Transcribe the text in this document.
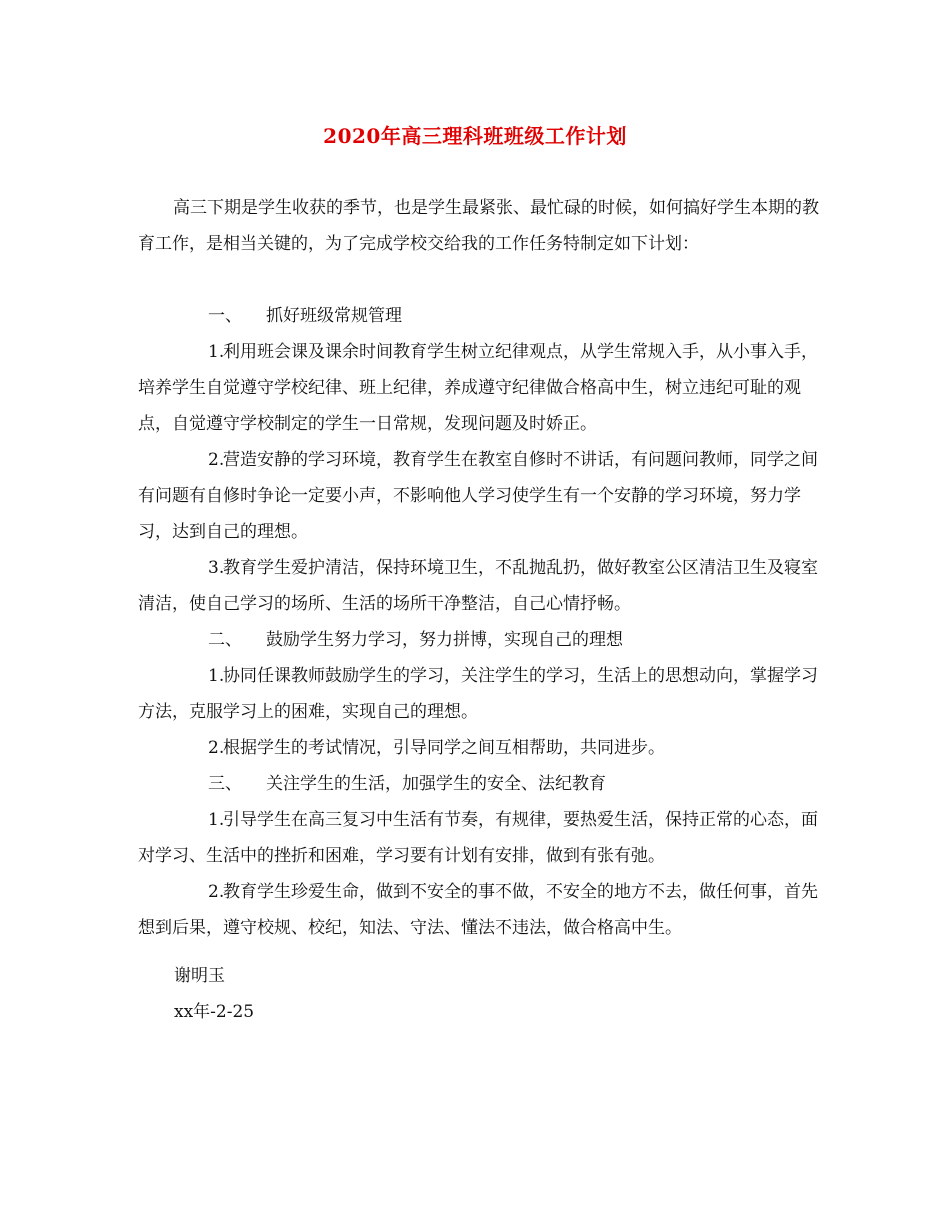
2020年高三理科班班级工作计划

高三下期是学生收获的季节，也是学生最紧张、最忙碌的时候，如何搞好学生本期的教育工作，是相当关键的，为了完成学校交给我的工作任务特制定如下计划：

一、 抓好班级常规管理

1.利用班会课及课余时间教育学生树立纪律观点，从学生常规入手，从小事入手，培养学生自觉遵守学校纪律、班上纪律，养成遵守纪律做合格高中生，树立违纪可耻的观点，自觉遵守学校制定的学生一日常规，发现问题及时娇正。

2.营造安静的学习环境，教育学生在教室自修时不讲话，有问题问教师，同学之间有问题有自修时争论一定要小声，不影响他人学习使学生有一个安静的学习环境，努力学习，达到自己的理想。

3.教育学生爱护清洁，保持环境卫生，不乱抛乱扔，做好教室公区清洁卫生及寝室清洁，使自己学习的场所、生活的场所干净整洁，自己心情抒畅。

二、 鼓励学生努力学习，努力拼博，实现自己的理想

1.协同任课教师鼓励学生的学习，关注学生的学习，生活上的思想动向，掌握学习方法，克服学习上的困难，实现自己的理想。

2.根据学生的考试情况，引导同学之间互相帮助，共同进步。

三、 关注学生的生活，加强学生的安全、法纪教育

1.引导学生在高三复习中生活有节奏，有规律，要热爱生活，保持正常的心态，面对学习、生活中的挫折和困难，学习要有计划有安排，做到有张有弛。

2.教育学生珍爱生命，做到不安全的事不做，不安全的地方不去，做任何事，首先想到后果，遵守校规、校纪，知法、守法、懂法不违法，做合格高中生。

谢明玉
xx年-2-25
